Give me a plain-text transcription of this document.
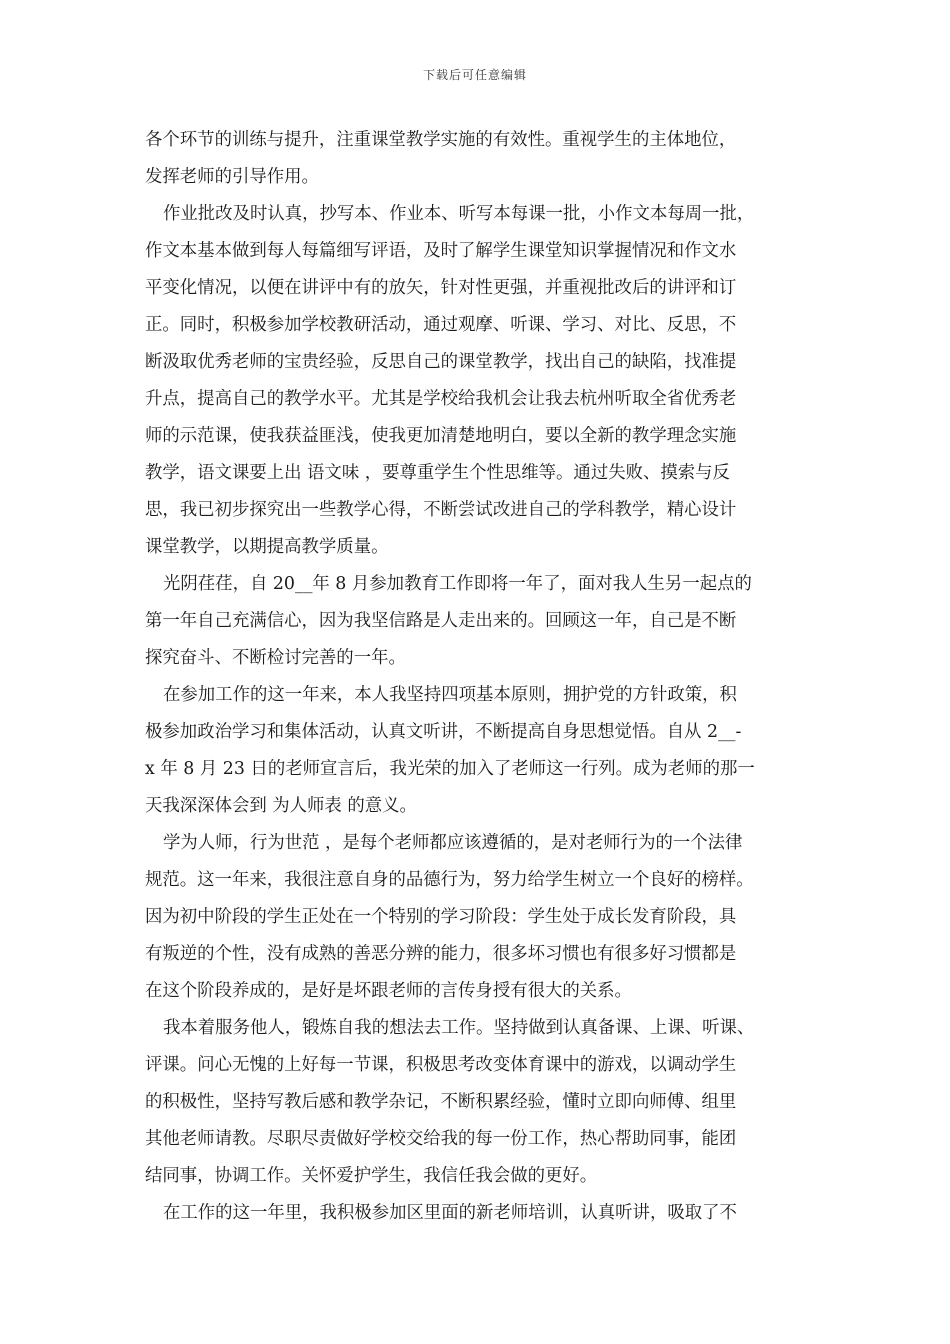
下载后可任意编辑
各个环节的训练与提升，注重课堂教学实施的有效性。重视学生的主体地位，
发挥老师的引导作用。
作业批改及时认真，抄写本、作业本、听写本每课一批，小作文本每周一批，
作文本基本做到每人每篇细写评语，及时了解学生课堂知识掌握情况和作文水
平变化情况，以便在讲评中有的放矢，针对性更强，并重视批改后的讲评和订
正。同时，积极参加学校教研活动，通过观摩、听课、学习、对比、反思，不
断汲取优秀老师的宝贵经验，反思自己的课堂教学，找出自己的缺陷，找准提
升点，提高自己的教学水平。尤其是学校给我机会让我去杭州听取全省优秀老
师的示范课，使我获益匪浅，使我更加清楚地明白，要以全新的教学理念实施
教学，语文课要上出 语文味 ，要尊重学生个性思维等。通过失败、摸索与反
思，我已初步探究出一些教学心得，不断尝试改进自己的学科教学，精心设计
课堂教学，以期提高教学质量。
光阴荏荏，自 20__年 8 月参加教育工作即将一年了，面对我人生另一起点的
第一年自己充满信心，因为我坚信路是人走出来的。回顾这一年，自己是不断
探究奋斗、不断检讨完善的一年。
在参加工作的这一年来，本人我坚持四项基本原则，拥护党的方针政策，积
极参加政治学习和集体活动，认真文听讲，不断提高自身思想觉悟。自从 2__-
x 年 8 月 23 日的老师宣言后，我光荣的加入了老师这一行列。成为老师的那一
天我深深体会到 为人师表 的意义。
学为人师，行为世范 ，是每个老师都应该遵循的，是对老师行为的一个法律
规范。这一年来，我很注意自身的品德行为，努力给学生树立一个良好的榜样。
因为初中阶段的学生正处在一个特别的学习阶段：学生处于成长发育阶段，具
有叛逆的个性，没有成熟的善恶分辨的能力，很多坏习惯也有很多好习惯都是
在这个阶段养成的，是好是坏跟老师的言传身授有很大的关系。
我本着服务他人，锻炼自我的想法去工作。坚持做到认真备课、上课、听课、
评课。问心无愧的上好每一节课，积极思考改变体育课中的游戏，以调动学生
的积极性，坚持写教后感和教学杂记，不断积累经验，懂时立即向师傅、组里
其他老师请教。尽职尽责做好学校交给我的每一份工作，热心帮助同事，能团
结同事，协调工作。关怀爱护学生，我信任我会做的更好。
在工作的这一年里，我积极参加区里面的新老师培训，认真听讲，吸取了不
